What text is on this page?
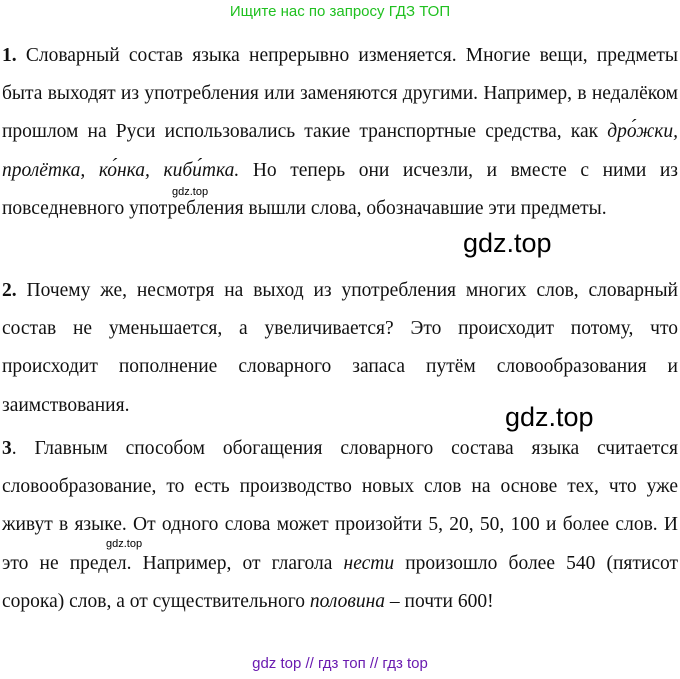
Ищите нас по запросу ГДЗ ТОП

1. Словарный состав языка непрерывно изменяется. Многие вещи, предметы быта выходят из употребления или заменяются другими. Например, в недалёком прошлом на Руси использовались такие транспортные средства, как дро́жки, пролётка, ко́нка, киби́тка. Но теперь они исчезли, и вместе с ними из повседневного употребления вышли слова, обозначавшие эти предметы.

2. Почему же, несмотря на выход из употребления многих слов, словарный состав не уменьшается, а увеличивается? Это происходит потому, что происходит пополнение словарного запаса путём словообразования и заимствования.

3. Главным способом обогащения словарного состава языка считается словообразование, то есть производство новых слов на основе тех, что уже живут в языке. От одного слова может произойти 5, 20, 50, 100 и более слов. И это не предел. Например, от глагола нести произошло более 540 (пятисот сорока) слов, а от существительного половина – почти 600!

gdz.top
gdz.top
gdz.top
gdz.top
gdz top // гдз топ // гдз top
